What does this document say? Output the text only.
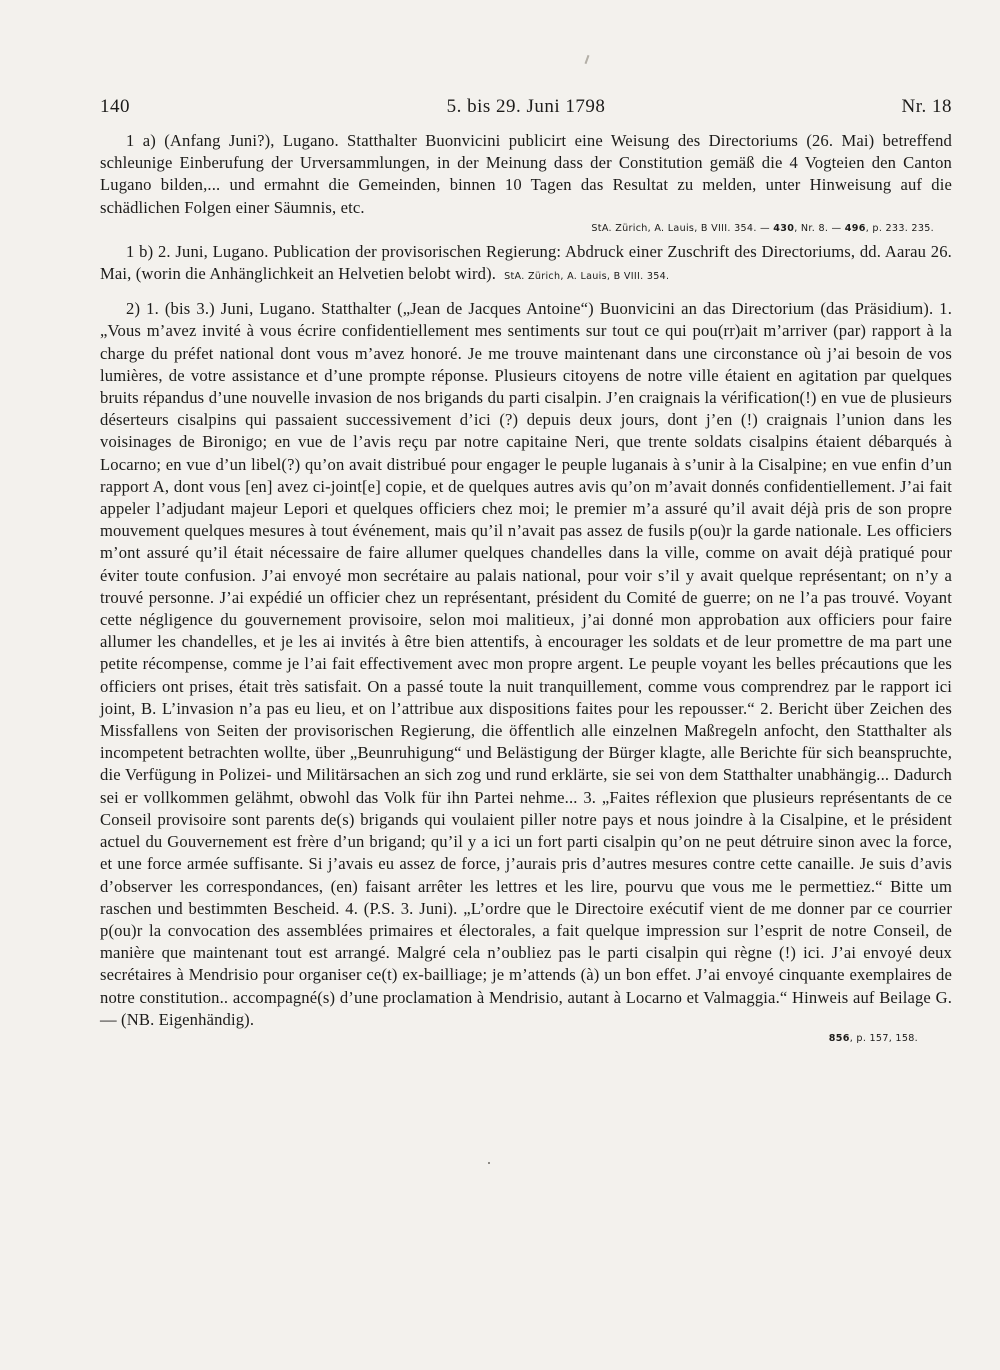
140	5. bis 29. Juni 1798	Nr. 18

1 a) (Anfang Juni?), Lugano. Statthalter Buonvicini publicirt eine Weisung des Directoriums (26. Mai) betreffend schleunige Einberufung der Urversammlungen, in der Meinung dass der Constitution gemäß die 4 Vogteien den Canton Lugano bilden,... und ermahnt die Gemeinden, binnen 10 Tagen das Resultat zu melden, unter Hinweisung auf die schädlichen Folgen einer Säumnis, etc.

StA. Zürich, A. Lauis, B VIII. 354. — 430, Nr. 8. — 496, p. 233. 235.

1 b) 2. Juni, Lugano. Publication der provisorischen Regierung: Abdruck einer Zuschrift des Directoriums, dd. Aarau 26. Mai, (worin die Anhänglichkeit an Helvetien belobt wird). StA. Zürich, A. Lauis, B VIII. 354.

2) 1. (bis 3.) Juni, Lugano. Statthalter („Jean de Jacques Antoine“) Buonvicini an das Directorium (das Präsidium). 1. „Vous m’avez invité à vous écrire confidentiellement mes sentiments sur tout ce qui pou(rr)ait m’arriver (par) rapport à la charge du préfet national dont vous m’avez honoré. Je me trouve maintenant dans une circonstance où j’ai besoin de vos lumières, de votre assistance et d’une prompte réponse. Plusieurs citoyens de notre ville étaient en agitation par quelques bruits répandus d’une nouvelle invasion de nos brigands du parti cisalpin. J’en craignais la vérification(!) en vue de plusieurs déserteurs cisalpins qui passaient successivement d’ici (?) depuis deux jours, dont j’en (!) craignais l’union dans les voisinages de Bironigo; en vue de l’avis reçu par notre capitaine Neri, que trente soldats cisalpins étaient débarqués à Locarno; en vue d’un libel(?) qu’on avait distribué pour engager le peuple luganais à s’unir à la Cisalpine; en vue enfin d’un rapport A, dont vous [en] avez ci-joint[e] copie, et de quelques autres avis qu’on m’avait donnés confidentiellement. J’ai fait appeler l’adjudant majeur Lepori et quelques officiers chez moi; le premier m’a assuré qu’il avait déjà pris de son propre mouvement quelques mesures à tout événement, mais qu’il n’avait pas assez de fusils p(ou)r la garde nationale. Les officiers m’ont assuré qu’il était nécessaire de faire allumer quelques chandelles dans la ville, comme on avait déjà pratiqué pour éviter toute confusion. J’ai envoyé mon secrétaire au palais national, pour voir s’il y avait quelque représentant; on n’y a trouvé personne. J’ai expédié un officier chez un représentant, président du Comité de guerre; on ne l’a pas trouvé. Voyant cette négligence du gouvernement provisoire, selon moi malitieux, j’ai donné mon approbation aux officiers pour faire allumer les chandelles, et je les ai invités à être bien attentifs, à encourager les soldats et de leur promettre de ma part une petite récompense, comme je l’ai fait effectivement avec mon propre argent. Le peuple voyant les belles précautions que les officiers ont prises, était très satisfait. On a passé toute la nuit tranquillement, comme vous comprendrez par le rapport ici joint, B. L’invasion n’a pas eu lieu, et on l’attribue aux dispositions faites pour les repousser.“ 2. Bericht über Zeichen des Missfallens von Seiten der provisorischen Regierung, die öffentlich alle einzelnen Maßregeln anfocht, den Statthalter als incompetent betrachten wollte, über „Beunruhigung“ und Belästigung der Bürger klagte, alle Berichte für sich beanspruchte, die Verfügung in Polizei- und Militärsachen an sich zog und rund erklärte, sie sei von dem Statthalter unabhängig... Dadurch sei er vollkommen gelähmt, obwohl das Volk für ihn Partei nehme... 3. „Faites réflexion que plusieurs représentants de ce Conseil provisoire sont parents de(s) brigands qui voulaient piller notre pays et nous joindre à la Cisalpine, et le président actuel du Gouvernement est frère d’un brigand; qu’il y a ici un fort parti cisalpin qu’on ne peut détruire sinon avec la force, et une force armée suffisante. Si j’avais eu assez de force, j’aurais pris d’autres mesures contre cette canaille. Je suis d’avis d’observer les correspondances, (en) faisant arrêter les lettres et les lire, pourvu que vous me le permettiez.“ Bitte um raschen und bestimmten Bescheid. 4. (P.S. 3. Juni). „L’ordre que le Directoire exécutif vient de me donner par ce courrier p(ou)r la convocation des assemblées primaires et électorales, a fait quelque impression sur l’esprit de notre Conseil, de manière que maintenant tout est arrangé. Malgré cela n’oubliez pas le parti cisalpin qui règne (!) ici. J’ai envoyé deux secrétaires à Mendrisio pour organiser ce(t) ex-bailliage; je m’attends (à) un bon effet. J’ai envoyé cinquante exemplaires de notre constitution.. accompagné(s) d’une proclamation à Mendrisio, autant à Locarno et Valmaggia.“ Hinweis auf Beilage G. — (NB. Eigenhändig).

856, p. 157, 158.
